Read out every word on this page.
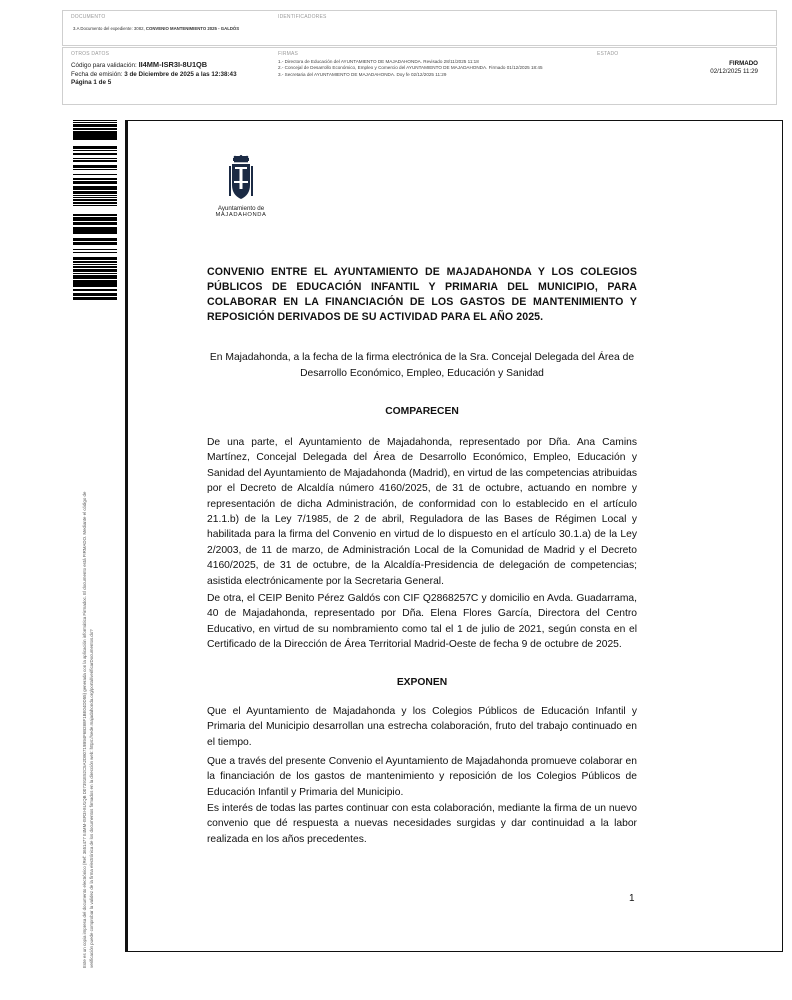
DOCUMENTO
3.A Documento del expediente: 3082, CONVENIO MANTENIMIENTO 2025 - GALDÓS
IDENTIFICADORES
OTROS DATOS
Código para validación: II4MM-ISR3I-8U1QB
Fecha de emisión: 3 de Diciembre de 2025 a las 12:38:43
Página 1 de 5
FIRMAS
1.- Directora de Educación del AYUNTAMIENTO DE MAJADAHONDA. Revisado 28/11/2025 11:18
2.- Concejal de Desarrollo Económico, Empleo y Comercio del AYUNTAMIENTO DE MAJADAHONDA. Firmado 01/12/2025 18:45
3.- Secretaria del AYUNTAMIENTO DE MAJADAHONDA. Doy fe 02/12/2025 11:29
ESTADO
FIRMADO
02/12/2025 11:29
Este es un copia impresa del documento electrónico (Ref: 3651477 II4MM-ISR3I-8U1QB D07391E52C5A2D80719B94F6B288F1BE04DD55) generada con la aplicación informática Firmadoc. El documento está FIRMADO. Mediante el código de verificación puede comprobar la validez de la firma electrónica de los documentos firmados en la dirección web: https://sede.majadahonda.org/portal/verificarDocumentos.do?
Ayuntamiento de
MAJADAHONDA
CONVENIO ENTRE EL AYUNTAMIENTO DE MAJADAHONDA Y LOS COLEGIOS PÚBLICOS DE EDUCACIÓN INFANTIL Y PRIMARIA DEL MUNICIPIO, PARA COLABORAR EN LA FINANCIACIÓN DE LOS GASTOS DE MANTENIMIENTO Y REPOSICIÓN DERIVADOS DE SU ACTIVIDAD PARA EL AÑO 2025.
En Majadahonda, a la fecha de la firma electrónica de la Sra. Concejal Delegada del Área de Desarrollo Económico, Empleo, Educación y Sanidad
COMPARECEN
De una parte, el Ayuntamiento de Majadahonda, representado por Dña. Ana Camins Martínez, Concejal Delegada del Área de Desarrollo Económico, Empleo, Educación y Sanidad del Ayuntamiento de Majadahonda (Madrid), en virtud de las competencias atribuidas por el Decreto de Alcaldía número 4160/2025, de 31 de octubre, actuando en nombre y representación de dicha Administración, de conformidad con lo establecido en el artículo 21.1.b) de la Ley 7/1985, de 2 de abril, Reguladora de las Bases de Régimen Local y habilitada para la firma del Convenio en virtud de lo dispuesto en el artículo 30.1.a) de la Ley 2/2003, de 11 de marzo, de Administración Local de la Comunidad de Madrid y el Decreto 4160/2025, de 31 de octubre, de la Alcaldía-Presidencia de delegación de competencias; asistida electrónicamente por la Secretaria General.
De otra, el CEIP Benito Pérez Galdós con CIF Q2868257C y domicilio en Avda. Guadarrama, 40 de Majadahonda, representado por Dña. Elena Flores García, Directora del Centro Educativo, en virtud de su nombramiento como tal el 1 de julio de 2021, según consta en el Certificado de la Dirección de Área Territorial Madrid-Oeste de fecha 9 de octubre de 2025.
EXPONEN
Que el Ayuntamiento de Majadahonda y los Colegios Públicos de Educación Infantil y Primaria del Municipio desarrollan una estrecha colaboración, fruto del trabajo continuado en el tiempo.
Que a través del presente Convenio el Ayuntamiento de Majadahonda promueve colaborar en la financiación de los gastos de mantenimiento y reposición de los Colegios Públicos de Educación Infantil y Primaria del Municipio.
Es interés de todas las partes continuar con esta colaboración, mediante la firma de un nuevo convenio que dé respuesta a nuevas necesidades surgidas y dar continuidad a la labor realizada en los años precedentes.
1
